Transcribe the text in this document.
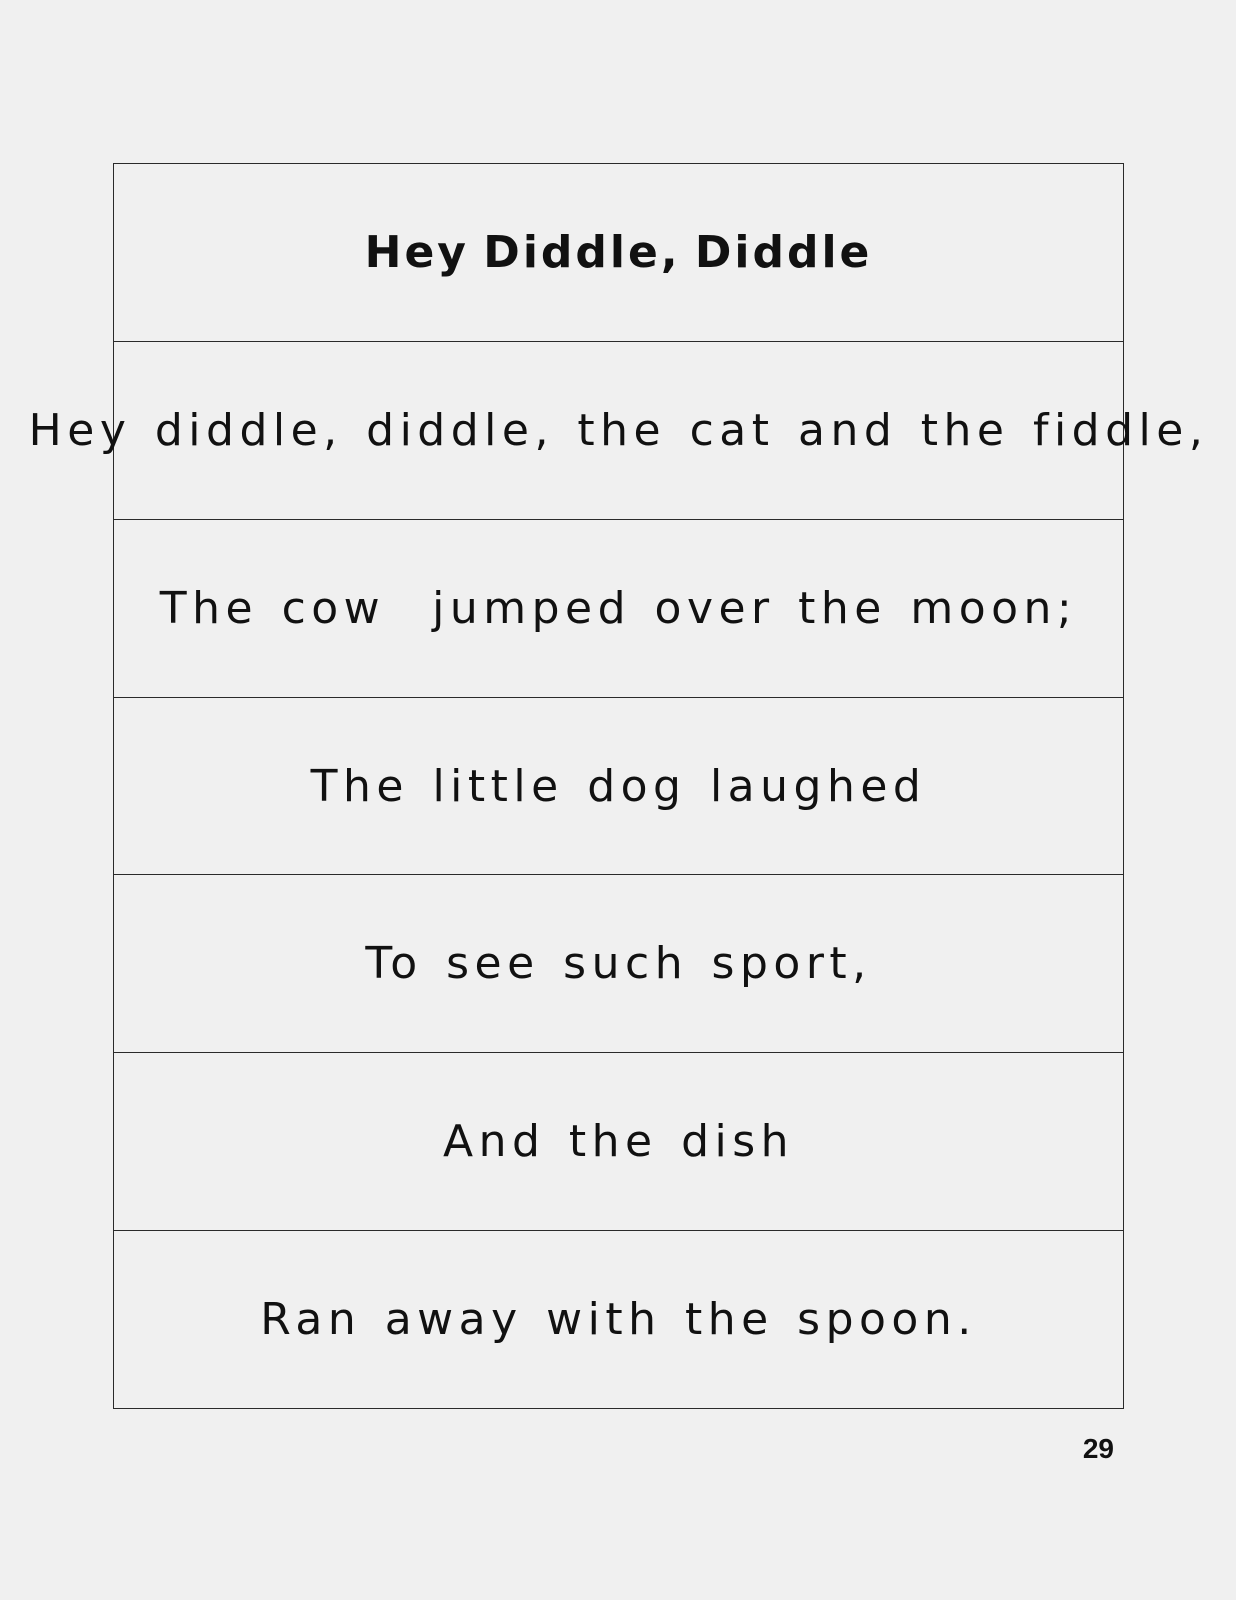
Hey Diddle, Diddle
Hey diddle, diddle, the cat and the fiddle,
The cow  jumped over the moon;
The little dog laughed
To see such sport,
And the dish
Ran away with the spoon.
29
